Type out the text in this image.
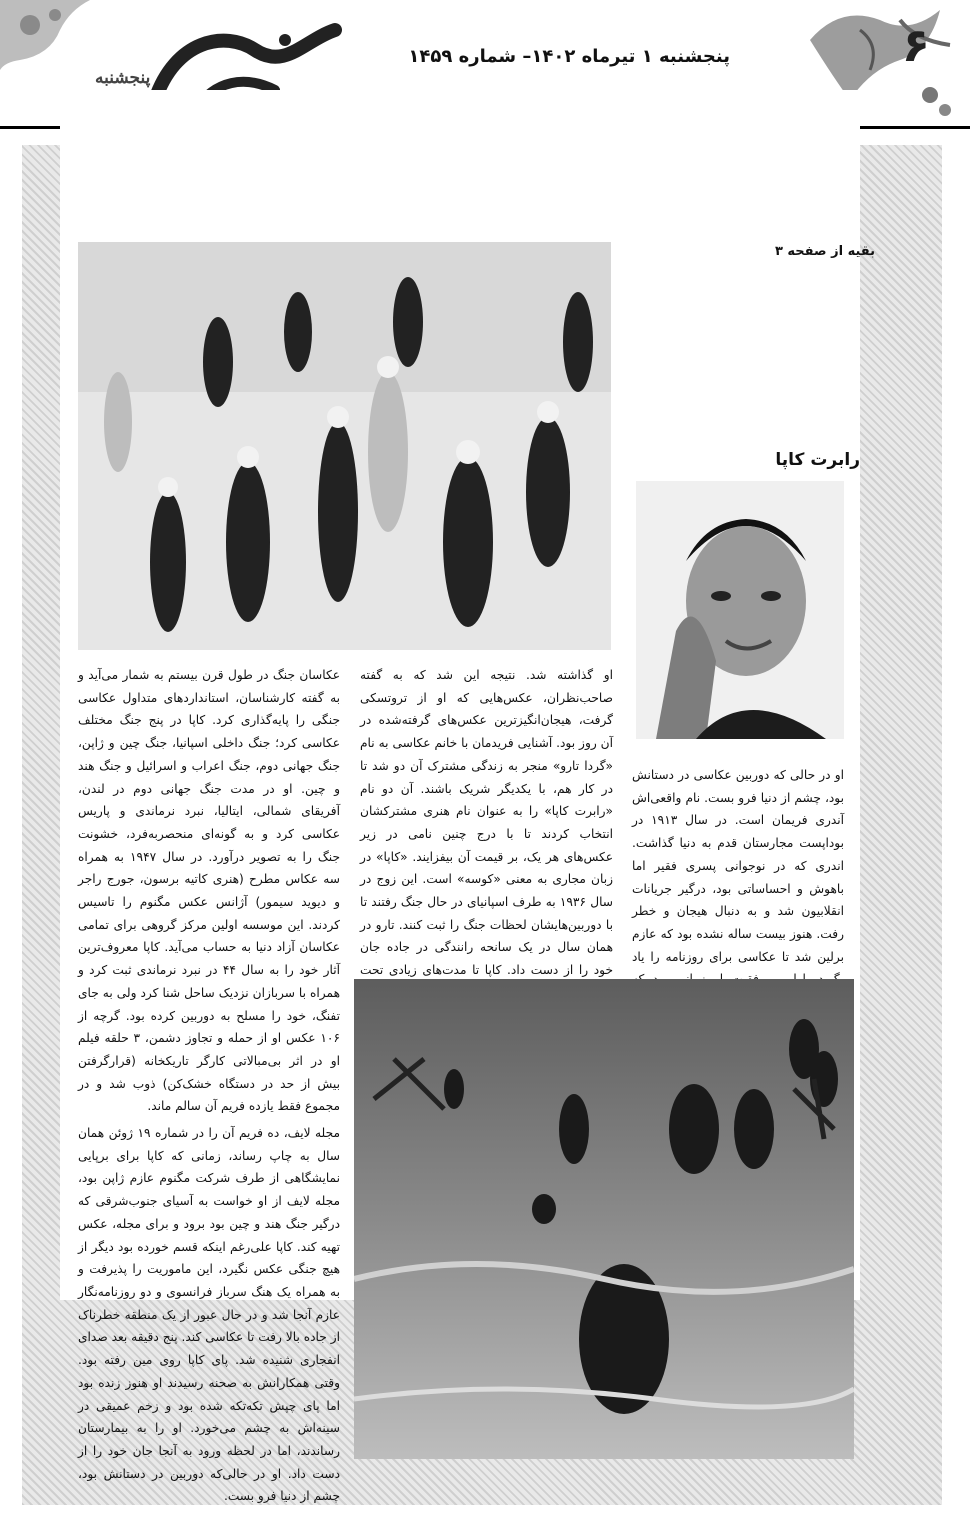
پنجشنبه
پنجشنبه ۱ تیرماه ۱۴۰۲– شماره ۱۴۵۹	۶
بقیه از صفحه ۳
رابرت کاپا
او در حالی که دوربین عکاسی در دستانش بود، چشم از دنیا فرو بست. نام واقعی‌اش آندری فریمان است. در سال ۱۹۱۳ در بوداپست مجارستان قدم به دنیا گذاشت. اندری که در نوجوانی پسری فقیر اما باهوش و احساساتی بود، درگیر جریانات انقلابیون شد و به دنبال هیجان و خطر رفت. هنوز بیست ساله نشده بود که عازم برلین شد تا عکاسی برای روزنامه را یاد
او گذاشته شد. نتیجه این شد که به گفته صاحب‌نظران، عکس‌هایی که او از تروتسکی گرفت، هیجان‌انگیزترین عکس‌های گرفته‌شده در آن روز بود. آشنایی فریدمان با خانم عکاسی به نام «گردا تارو» منجر به زندگی مشترک آن دو شد تا در کار هم، با یکدیگر شریک باشند. آن دو نام «رابرت کاپا» را به عنوان نام هنری مشترکشان انتخاب کردند تا با درج چنین نامی در زیر عکس‌های هر یک، بر قیمت آن بیفزایند. «کاپا» در زبان مجاری به معنی «کوسه» است. این زوج در سال ۱۹۳۶ به طرف اسپانیای در حال جنگ رفتند تا با دوربین‌هایشان لحظات جنگ را ثبت کنند. تارو در همان سال در یک سانحه رانندگی در جاده جان خود را از دست داد. کاپا تا مدت‌های زیادی تحت
عکاسان جنگ در طول قرن بیستم به شمار می‌آید و به گفته کارشناسان، استانداردهای متداول عکاسی جنگی را پایه‌گذاری کرد. کاپا در پنج جنگ مختلف عکاسی کرد؛ جنگ داخلی اسپانیا، جنگ چین و ژاپن، جنگ جهانی دوم، جنگ اعراب و اسرائیل و جنگ هند و چین. او در مدت جنگ جهانی دوم در لندن، آفریقای شمالی، ایتالیا، نبرد نرماندی و پاریس عکاسی کرد و به گونه‌ای منحصربه‌فرد، خشونت جنگ را به تصویر درآورد. در سال ۱۹۴۷ به همراه سه عکاس مطرح (هنری کاتیه برسون، جورج راجر و دیوید سیمور) آژانس عکس مگنوم را تاسیس کردند. این موسسه اولین مرکز گروهی برای تمامی عکاسان آزاد دنیا به حساب می‌آید. کاپا معروف‌ترین آثار خود را به سال ۴۴ در نبرد نرماندی ثبت کرد و همراه با سربازان نزدیک ساحل شنا کرد ولی به جای تفنگ، خود را مسلح به دوربین کرده بود. گرچه از ۱۰۶ عکس او از حمله و تجاوز دشمن، ۳ حلقه فیلم او در اثر بی‌مبالاتی کارگر تاریکخانه (قرارگرفتن بیش از حد در دستگاه خشک‌کن) ذوب شد و در مجموع فقط یازده فریم آن سالم ماند.
مجله لایف، ده فریم آن را در شماره ۱۹ ژوئن همان سال به چاپ رساند، زمانی که کاپا برای برپایی نمایشگاهی از طرف شرکت مگنوم عازم ژاپن بود، مجله لایف از او خواست به آسیای جنوب‌شرقی که درگیر جنگ هند و چین بود برود و برای مجله، عکس تهیه کند. کاپا علی‌رغم اینکه قسم خورده بود دیگر از هیچ جنگی عکس نگیرد، این ماموریت را پذیرفت و به همراه یک هنگ سرباز فرانسوی و دو روزنامه‌نگار عازم آنجا شد و در حال عبور از یک منطقه خطرناک از جاده بالا رفت تا عکاسی کند. پنج دقیقه بعد صدای انفجاری شنیده شد. پای کاپا روی مین رفته بود. وقتی همکارانش به صحنه رسیدند او هنوز زنده بود اما پای چپش تکه‌تکه شده بود و زخم عمیقی در سینه‌اش به چشم می‌خورد. او را به بیمارستان رساندند، اما در لحظه ورود به آنجا جان خود را از دست داد. او در حالی‌که دوربین در دستانش بود، چشم از دنیا فرو بست.
